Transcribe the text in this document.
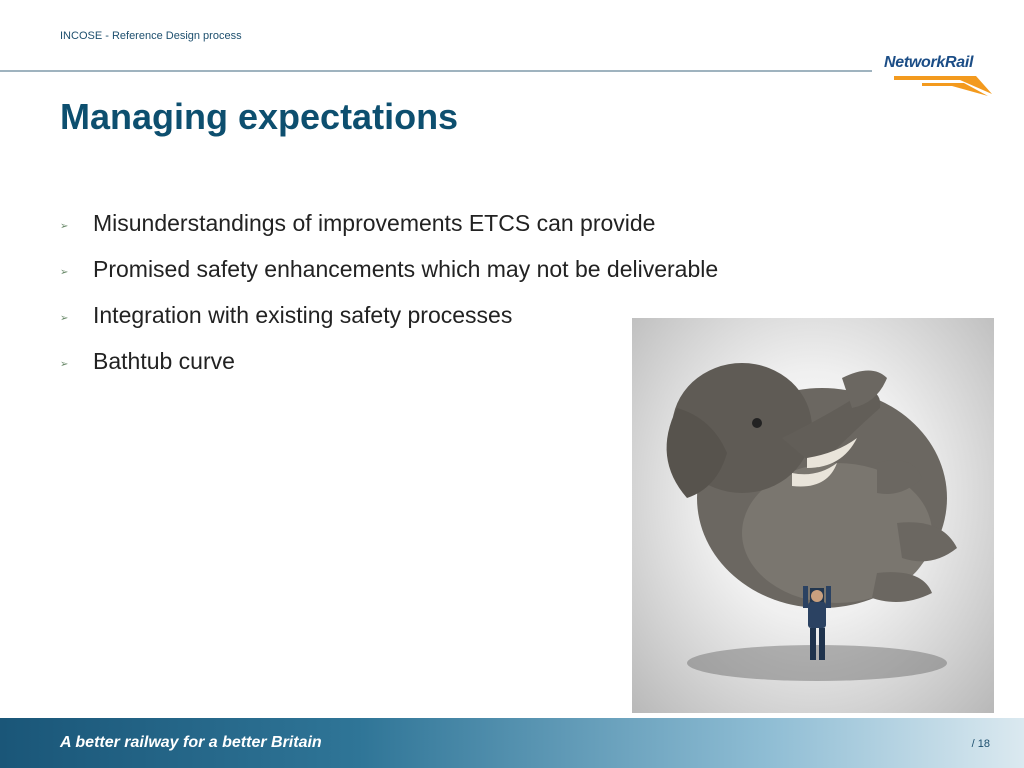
INCOSE - Reference Design process
NetworkRail
Managing expectations
➢	Misunderstandings of improvements ETCS can provide
➢	Promised safety enhancements which may not be deliverable
➢	Integration with existing safety processes
➢	Bathtub curve
A better railway for a better Britain	/ 18
